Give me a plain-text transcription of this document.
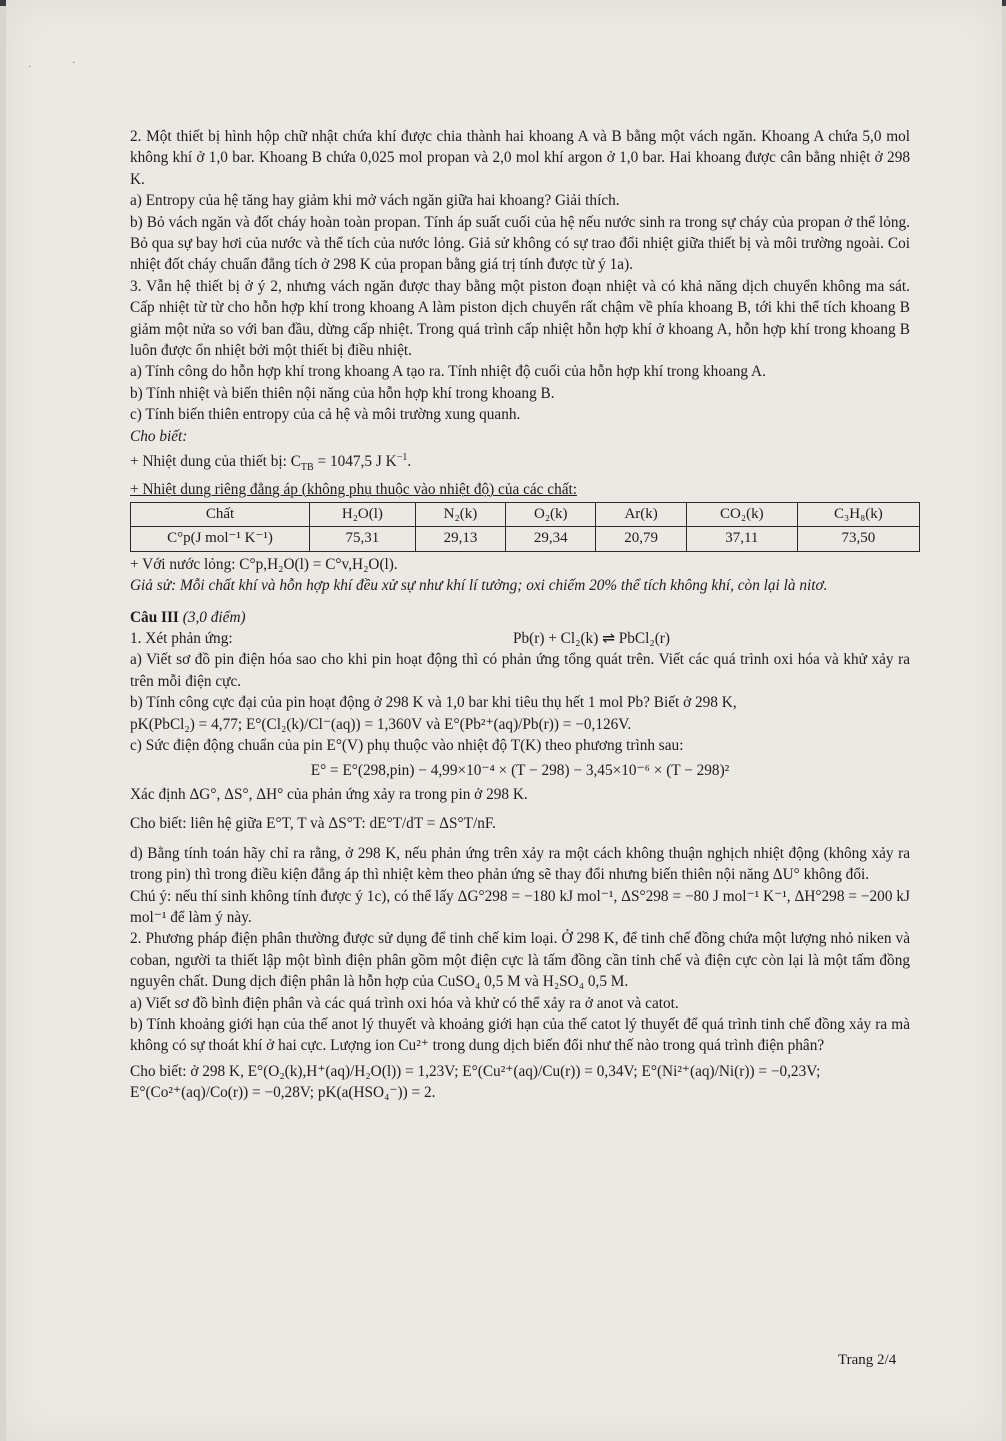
·	·

2. Một thiết bị hình hộp chữ nhật chứa khí được chia thành hai khoang A và B bằng một vách ngăn. Khoang A chứa 5,0 mol không khí ở 1,0 bar. Khoang B chứa 0,025 mol propan và 2,0 mol khí argon ở 1,0 bar. Hai khoang được cân bằng nhiệt ở 298 K.

a) Entropy của hệ tăng hay giảm khi mở vách ngăn giữa hai khoang? Giải thích.

b) Bỏ vách ngăn và đốt cháy hoàn toàn propan. Tính áp suất cuối của hệ nếu nước sinh ra trong sự cháy của propan ở thể lỏng. Bỏ qua sự bay hơi của nước và thể tích của nước lỏng. Giả sử không có sự trao đổi nhiệt giữa thiết bị và môi trường ngoài. Coi nhiệt đốt cháy chuẩn đẳng tích ở 298 K của propan bằng giá trị tính được từ ý 1a).

3. Vẫn hệ thiết bị ở ý 2, nhưng vách ngăn được thay bằng một piston đoạn nhiệt và có khả năng dịch chuyển không ma sát. Cấp nhiệt từ từ cho hỗn hợp khí trong khoang A làm piston dịch chuyển rất chậm về phía khoang B, tới khi thể tích khoang B giảm một nửa so với ban đầu, dừng cấp nhiệt. Trong quá trình cấp nhiệt hỗn hợp khí ở khoang A, hỗn hợp khí trong khoang B luôn được ổn nhiệt bởi một thiết bị điều nhiệt.

a) Tính công do hỗn hợp khí trong khoang A tạo ra. Tính nhiệt độ cuối của hỗn hợp khí trong khoang A.

b) Tính nhiệt và biến thiên nội năng của hỗn hợp khí trong khoang B.

c) Tính biến thiên entropy của cả hệ và môi trường xung quanh.

Cho biết:

+ Nhiệt dung của thiết bị: $C_{TB} = 1047,5$ J $K^{-1}$.

+ Nhiệt dung riêng đẳng áp (không phụ thuộc vào nhiệt độ) của các chất:

Chất	H₂O(l)	N₂(k)	O₂(k)	Ar(k)	CO₂(k)	C₃H₈(k)
C°p(J mol⁻¹ K⁻¹)	75,31	29,13	29,34	20,79	37,11	73,50

+ Với nước lỏng: C°p,H₂O(l) = C°v,H₂O(l).

Giả sử: Mỗi chất khí và hỗn hợp khí đều xử sự như khí lí tưởng; oxi chiếm 20% thể tích không khí, còn lại là nitơ.

Câu III (3,0 điểm)

1. Xét phản ứng:	Pb(r) + Cl₂(k) ⇌ PbCl₂(r)

a) Viết sơ đồ pin điện hóa sao cho khi pin hoạt động thì có phản ứng tổng quát trên. Viết các quá trình oxi hóa và khử xảy ra trên mỗi điện cực.

b) Tính công cực đại của pin hoạt động ở 298 K và 1,0 bar khi tiêu thụ hết 1 mol Pb? Biết ở 298 K,

pK(PbCl₂) = 4,77; E°(Cl₂(k)/Cl⁻(aq)) = 1,360V và E°(Pb²⁺(aq)/Pb(r)) = −0,126V.

c) Sức điện động chuẩn của pin E°(V) phụ thuộc vào nhiệt độ T(K) theo phương trình sau:

E° = E°(298,pin) − 4,99×10⁻⁴ × (T − 298) − 3,45×10⁻⁶ × (T − 298)²

Xác định ΔG°, ΔS°, ΔH° của phản ứng xảy ra trong pin ở 298 K.

Cho biết: liên hệ giữa E°T, T và ΔS°T: dE°T/dT = ΔS°T/nF.

d) Bằng tính toán hãy chỉ ra rằng, ở 298 K, nếu phản ứng trên xảy ra một cách không thuận nghịch nhiệt động (không xảy ra trong pin) thì trong điều kiện đẳng áp thì nhiệt kèm theo phản ứng sẽ thay đổi nhưng biến thiên nội năng ΔU° không đổi.

Chú ý: nếu thí sinh không tính được ý 1c), có thể lấy ΔG°298 = −180 kJ mol⁻¹, ΔS°298 = −80 J mol⁻¹ K⁻¹, ΔH°298 = −200 kJ mol⁻¹ để làm ý này.

2. Phương pháp điện phân thường được sử dụng để tinh chế kim loại. Ở 298 K, để tinh chế đồng chứa một lượng nhỏ niken và coban, người ta thiết lập một bình điện phân gồm một điện cực là tấm đồng cần tinh chế và điện cực còn lại là một tấm đồng nguyên chất. Dung dịch điện phân là hỗn hợp của CuSO₄ 0,5 M và H₂SO₄ 0,5 M.

a) Viết sơ đồ bình điện phân và các quá trình oxi hóa và khử có thể xảy ra ở anot và catot.

b) Tính khoảng giới hạn của thế anot lý thuyết và khoảng giới hạn của thế catot lý thuyết để quá trình tinh chế đồng xảy ra mà không có sự thoát khí ở hai cực. Lượng ion Cu²⁺ trong dung dịch biến đổi như thế nào trong quá trình điện phân?

Cho biết: ở 298 K, E°(O₂(k),H⁺(aq)/H₂O(l)) = 1,23V; E°(Cu²⁺(aq)/Cu(r)) = 0,34V; E°(Ni²⁺(aq)/Ni(r)) = −0,23V;

E°(Co²⁺(aq)/Co(r)) = −0,28V; pK(a(HSO₄⁻)) = 2.

Trang 2/4
